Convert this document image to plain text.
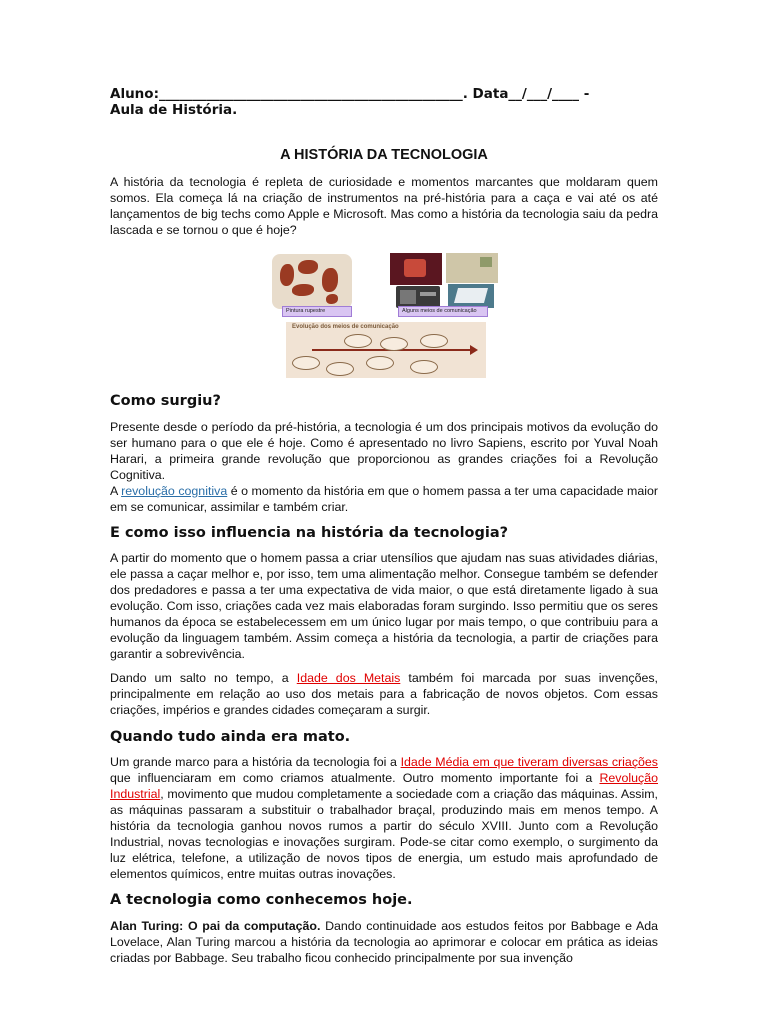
Aluno:_____________________________________________. Data__/___/____ -
Aula de História.
A HISTÓRIA DA TECNOLOGIA

A história da tecnologia é repleta de curiosidade e momentos marcantes que moldaram quem somos. Ela começa lá na criação de instrumentos na pré-história para a caça e vai até os até lançamentos de big techs como Apple e Microsoft. Mas como a história da tecnologia saiu da pedra lascada e se tornou o que é hoje?

Pintura rupestre	Alguns meios de comunicação
Evolução dos meios de comunicação
Como surgiu?

Presente desde o período da pré-história, a tecnologia é um dos principais motivos da evolução do ser humano para o que ele é hoje. Como é apresentado no livro Sapiens, escrito por Yuval Noah Harari, a primeira grande revolução que proporcionou as grandes criações foi a Revolução Cognitiva.

A revolução cognitiva é o momento da história em que o homem passa a ter uma capacidade maior em se comunicar, assimilar e também criar.

E como isso influencia na história da tecnologia?

A partir do momento que o homem passa a criar utensílios que ajudam nas suas atividades diárias, ele passa a caçar melhor e, por isso, tem uma alimentação melhor. Consegue também se defender dos predadores e passa a ter uma expectativa de vida maior, o que está diretamente ligado à sua evolução. Com isso, criações cada vez mais elaboradas foram surgindo. Isso permitiu que os seres humanos da época se estabelecessem em um único lugar por mais tempo, o que contribuiu para a evolução da linguagem também. Assim começa a história da tecnologia, a partir de criações para garantir a sobrevivência.

Dando um salto no tempo, a Idade dos Metais também foi marcada por suas invenções, principalmente em relação ao uso dos metais para a fabricação de novos objetos. Com essas criações, impérios e grandes cidades começaram a surgir.

Quando tudo ainda era mato.

Um grande marco para a história da tecnologia foi a Idade Média em que tiveram diversas criações que influenciaram em como criamos atualmente. Outro momento importante foi a Revolução Industrial, movimento que mudou completamente a sociedade com a criação das máquinas. Assim, as máquinas passaram a substituir o trabalhador braçal, produzindo mais em menos tempo. A história da tecnologia ganhou novos rumos a partir do século XVIII. Junto com a Revolução Industrial, novas tecnologias e inovações surgiram. Pode-se citar como exemplo, o surgimento da luz elétrica, telefone, a utilização de novos tipos de energia, um estudo mais aprofundado de elementos químicos, entre muitas outras inovações.

A tecnologia como conhecemos hoje.

Alan Turing: O pai da computação. Dando continuidade aos estudos feitos por Babbage e Ada Lovelace, Alan Turing marcou a história da tecnologia ao aprimorar e colocar em prática as ideias criadas por Babbage. Seu trabalho ficou conhecido principalmente por sua invenção
